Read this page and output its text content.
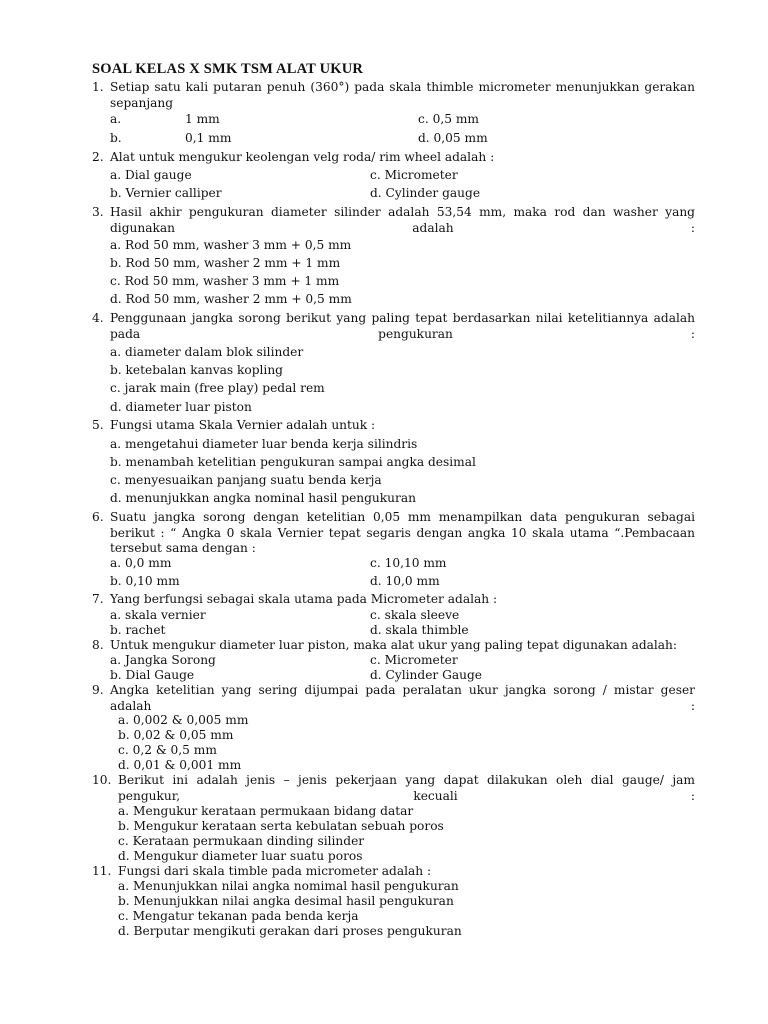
SOAL KELAS X SMK TSM ALAT UKUR
1. Setiap satu kali putaran penuh (360°) pada skala thimble micrometer menunjukkan gerakan sepanjang
a.	1 mm
b.	0,1 mm
c. 0,5 mm
d. 0,05 mm
2. Alat untuk mengukur keolengan velg roda/ rim wheel adalah :
a. Dial gauge
b. Vernier calliper
c. Micrometer
d. Cylinder gauge
3. Hasil akhir pengukuran diameter silinder adalah 53,54 mm, maka rod dan washer yang digunakan adalah :
a. Rod 50 mm, washer 3 mm + 0,5 mm
b. Rod 50 mm, washer 2 mm + 1 mm
c. Rod 50 mm, washer 3 mm + 1 mm
d. Rod 50 mm, washer 2 mm + 0,5 mm
4. Penggunaan jangka sorong berikut yang paling tepat berdasarkan nilai ketelitiannya adalah pada pengukuran :
a. diameter dalam blok silinder
b. ketebalan kanvas kopling
c. jarak main (free play) pedal rem
d. diameter luar piston
5. Fungsi utama Skala Vernier adalah untuk :
a. mengetahui diameter luar benda kerja silindris
b. menambah ketelitian pengukuran sampai angka desimal
c. menyesuaikan panjang suatu benda kerja
d. menunjukkan angka nominal hasil pengukuran
6. Suatu jangka sorong dengan ketelitian 0,05 mm menampilkan data pengukuran sebagai
berikut : “ Angka 0 skala Vernier tepat segaris dengan angka 10 skala utama “.Pembacaan
tersebut sama dengan :
a. 0,0 mm
b. 0,10 mm
c. 10,10 mm
d. 10,0 mm
7. Yang berfungsi sebagai skala utama pada Micrometer adalah :
a. skala vernier
b. rachet
c. skala sleeve
d. skala thimble
8. Untuk mengukur diameter luar piston, maka alat ukur yang paling tepat digunakan adalah:
a. Jangka Sorong
b. Dial Gauge
c. Micrometer
d. Cylinder Gauge
9. Angka ketelitian yang sering dijumpai pada peralatan ukur jangka sorong / mistar geser adalah :
a. 0,002 & 0,005 mm
b. 0,02 & 0,05 mm
c. 0,2 & 0,5 mm
d. 0,01 & 0,001 mm
10. Berikut ini adalah jenis – jenis pekerjaan yang dapat dilakukan oleh dial gauge/ jam pengukur, kecuali :
a. Mengukur kerataan permukaan bidang datar
b. Mengukur kerataan serta kebulatan sebuah poros
c. Kerataan permukaan dinding silinder
d. Mengukur diameter luar suatu poros
11. Fungsi dari skala timble pada micrometer adalah :
a. Menunjukkan nilai angka nomimal hasil pengukuran
b. Menunjukkan nilai angka desimal hasil pengukuran
c. Mengatur tekanan pada benda kerja
d. Berputar mengikuti gerakan dari proses pengukuran
